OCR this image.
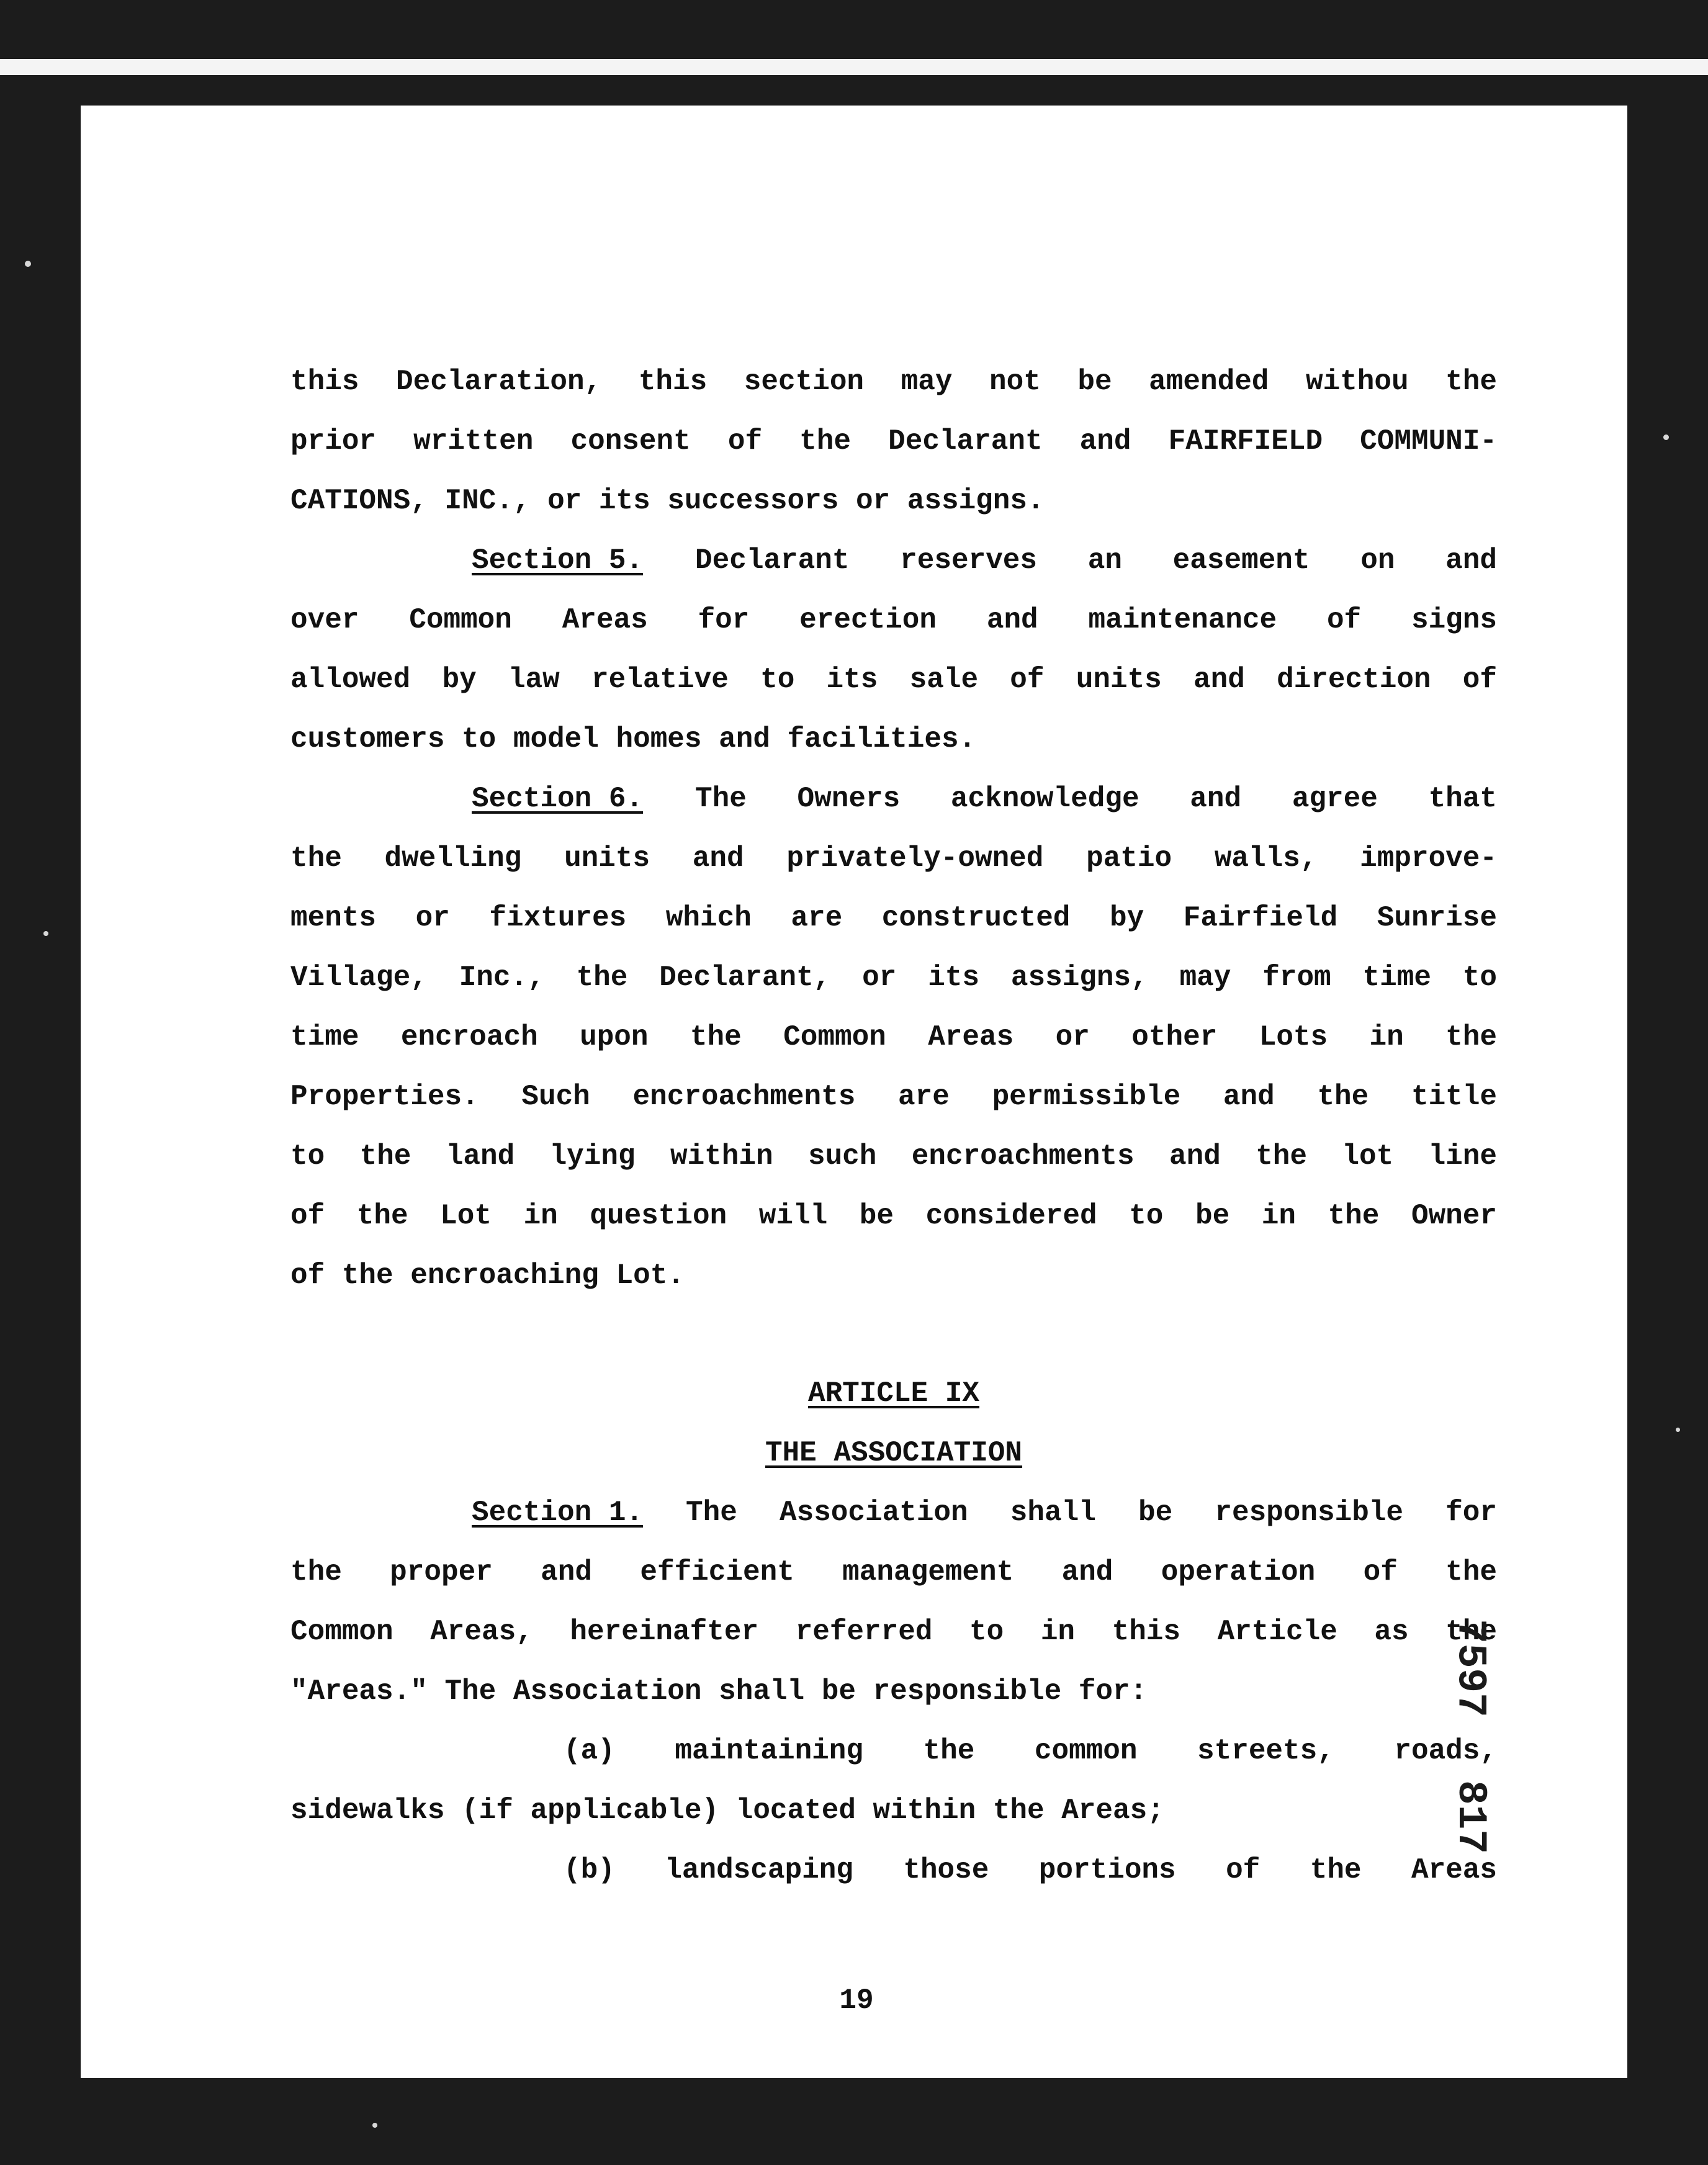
this Declaration, this section may not be amended withou the
prior written consent of the Declarant and FAIRFIELD COMMUNI-
CATIONS, INC., or its successors or assigns.
Section 5.	Declarant reserves an easement on and
over Common Areas for erection and maintenance of signs
allowed by law relative to its sale of units and direction of
customers to model homes and facilities.
Section 6.	The Owners acknowledge and agree that
the dwelling units and privately-owned patio walls, improve-
ments or fixtures which are constructed by Fairfield Sunrise
Village, Inc., the Declarant, or its assigns, may from time to
time encroach upon the Common Areas or other Lots in the
Properties. Such encroachments are permissible and the title
to the land lying within such encroachments and the lot line
of the Lot in question will be considered to be in the Owner
of the encroaching Lot.
ARTICLE IX
THE ASSOCIATION
Section 1.	The Association shall be responsible for
the proper and efficient management and operation of the
Common Areas, hereinafter referred to in this Article as the
"Areas." The Association shall be responsible for:
(a) maintaining the common streets, roads,
sidewalks (if applicable) located within the Areas;
(b) landscaping those portions of the Areas
19
7597
817
